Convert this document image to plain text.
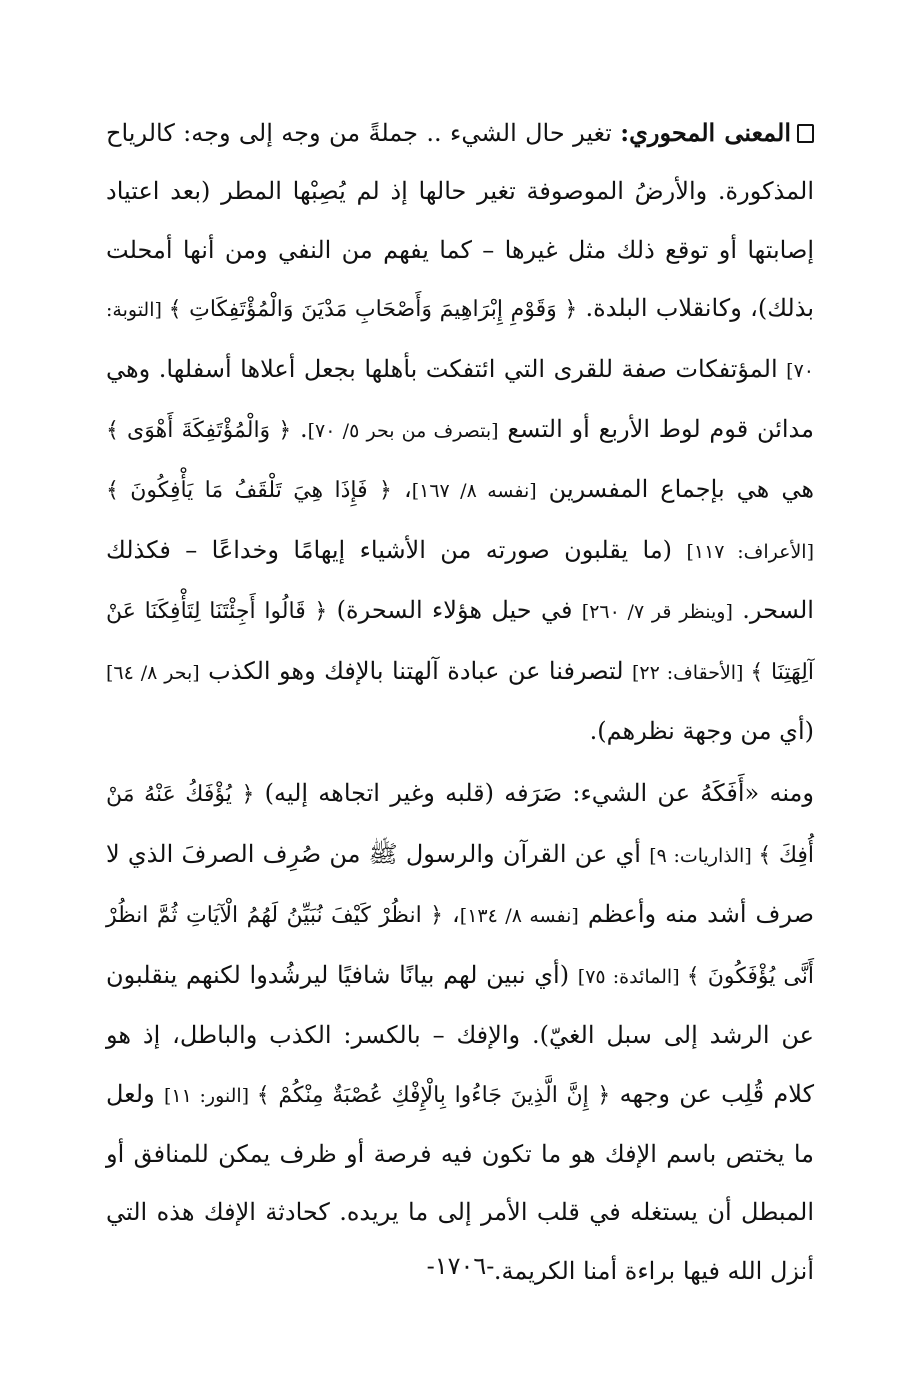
المعنى المحوري: تغير حال الشيء .. جملةً من وجه إلى وجه: كالرياح المذكورة. والأرضُ الموصوفة تغير حالها إذ لم يُصِبْها المطر (بعد اعتياد إصابتها أو توقع ذلك مثل غيرها – كما يفهم من النفي ومن أنها أمحلت بذلك)، وكانقلاب البلدة. ﴿ وَقَوْمِ إِبْرَاهِيمَ وَأَصْحَابِ مَدْيَنَ وَالْمُؤْتَفِكَاتِ ﴾ [التوبة: ٧٠] المؤتفكات صفة للقرى التي ائتفكت بأهلها بجعل أعلاها أسفلها. وهي مدائن قوم لوط الأربع أو التسع [بتصرف من بحر ٥/ ٧٠]. ﴿ وَالْمُؤْتَفِكَةَ أَهْوَى ﴾ هي هي بإجماع المفسرين [نفسه ٨/ ١٦٧]، ﴿ فَإِذَا هِيَ تَلْقَفُ مَا يَأْفِكُونَ ﴾ [الأعراف: ١١٧] (ما يقلبون صورته من الأشياء إيهامًا وخداعًا – فكذلك السحر. [وينظر قر ٧/ ٢٦٠] في حيل هؤلاء السحرة) ﴿ قَالُوا أَجِئْتَنَا لِتَأْفِكَنَا عَنْ آلِهَتِنَا ﴾ [الأحقاف: ٢٢] لتصرفنا عن عبادة آلهتنا بالإفك وهو الكذب [بحر ٨/ ٦٤] (أي من وجهة نظرهم).

ومنه «أَفَكَهُ عن الشيء: صَرَفه (قلبه وغير اتجاهه إليه) ﴿ يُؤْفَكُ عَنْهُ مَنْ أُفِكَ ﴾ [الذاريات: ٩] أي عن القرآن والرسول ﷺ من صُرِف الصرفَ الذي لا صرف أشد منه وأعظم [نفسه ٨/ ١٣٤]، ﴿ انظُرْ كَيْفَ نُبَيِّنُ لَهُمُ الْآيَاتِ ثُمَّ انظُرْ أَنَّى يُؤْفَكُونَ ﴾ [المائدة: ٧٥] (أي نبين لهم بيانًا شافيًا ليرشُدوا لكنهم ينقلبون عن الرشد إلى سبل الغيّ). والإفك – بالكسر: الكذب والباطل، إذ هو كلام قُلِب عن وجهه ﴿ إِنَّ الَّذِينَ جَاءُوا بِالْإِفْكِ عُصْبَةٌ مِنْكُمْ ﴾ [النور: ١١] ولعل ما يختص باسم الإفك هو ما تكون فيه فرصة أو ظرف يمكن للمنافق أو المبطل أن يستغله في قلب الأمر إلى ما يريده. كحادثة الإفك هذه التي أنزل الله فيها براءة أمنا الكريمة.

-١٧٠٦-
